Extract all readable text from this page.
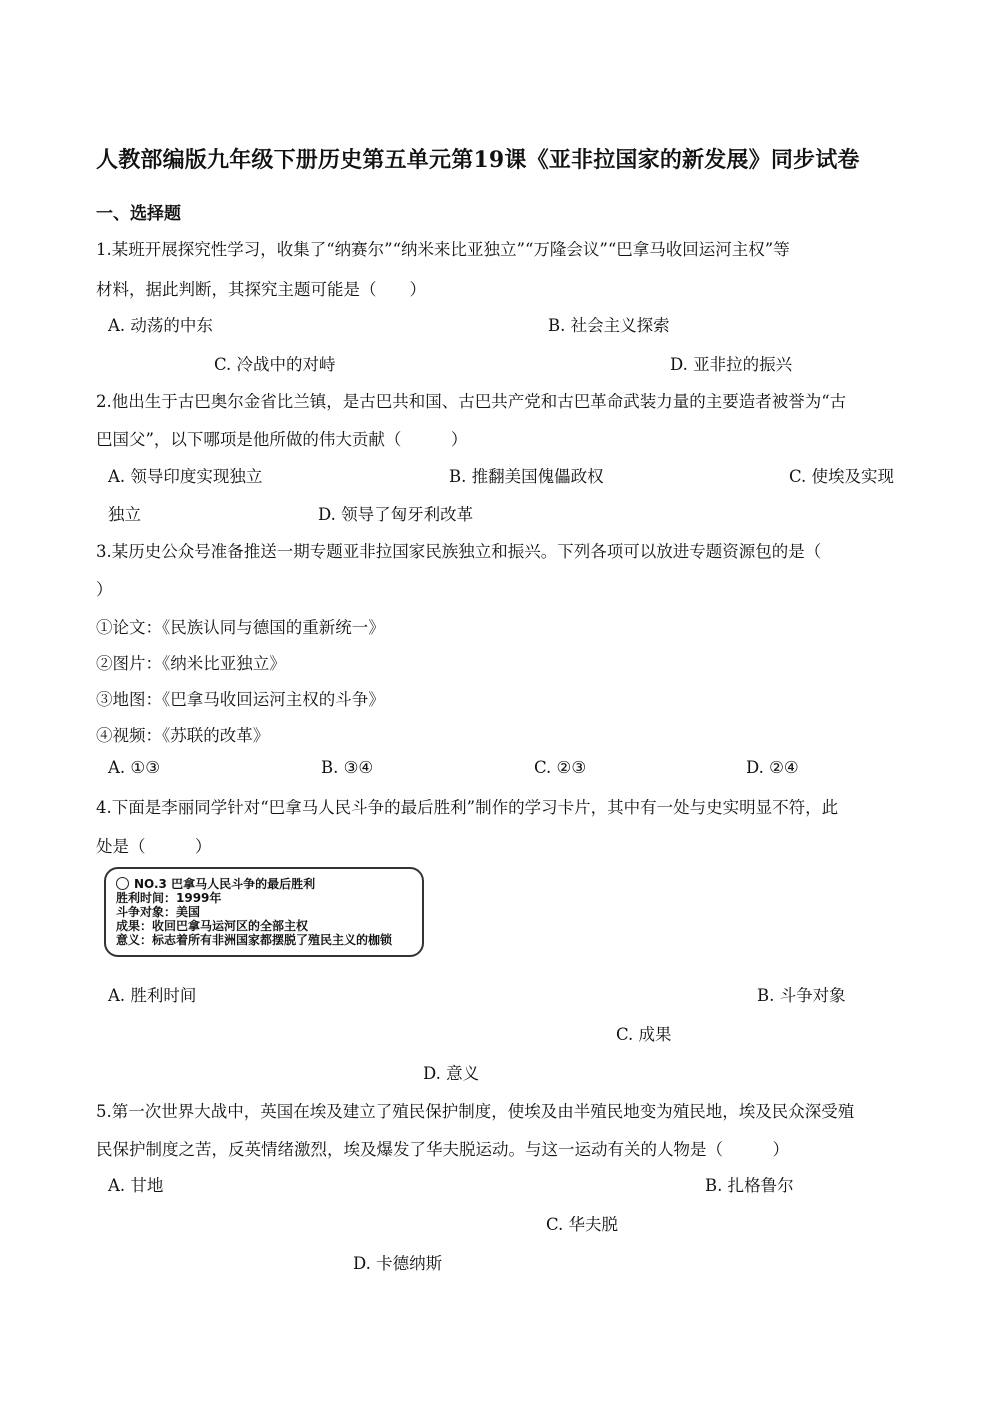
人教部编版九年级下册历史第五单元第19课《亚非拉国家的新发展》同步试卷
一、选择题
1.某班开展探究性学习，收集了“纳赛尔”“纳米来比亚独立”“万隆会议”“巴拿马收回运河主权”等
材料，据此判断，其探究主题可能是（　　）
A. 动荡的中东	B. 社会主义探索
C. 冷战中的对峙	D. 亚非拉的振兴
2.他出生于古巴奥尔金省比兰镇，是古巴共和国、古巴共产党和古巴革命武装力量的主要造者被誉为“古
巴国父”，以下哪项是他所做的伟大贡献（　　　）
A. 领导印度实现独立	B. 推翻美国傀儡政权	C. 使埃及实现
独立	D. 领导了匈牙利改革
3.某历史公众号准备推送一期专题亚非拉国家民族独立和振兴。下列各项可以放进专题资源包的是（
）
①论文：《民族认同与德国的重新统一》
②图片：《纳米比亚独立》
③地图：《巴拿马收回运河主权的斗争》
④视频：《苏联的改革》
A. ①③	B. ③④	C. ②③	D. ②④
4.下面是李丽同学针对“巴拿马人民斗争的最后胜利”制作的学习卡片，其中有一处与史实明显不符，此
处是（　　　）
NO.3 巴拿马人民斗争的最后胜利
胜利时间：1999年
斗争对象：美国
成果：收回巴拿马运河区的全部主权
意义：标志着所有非洲国家都摆脱了殖民主义的枷锁
A. 胜利时间	B. 斗争对象
C. 成果
D. 意义
5.第一次世界大战中，英国在埃及建立了殖民保护制度，使埃及由半殖民地变为殖民地，埃及民众深受殖
民保护制度之苦，反英情绪激烈，埃及爆发了华夫脱运动。与这一运动有关的人物是（　　　）
A. 甘地	B. 扎格鲁尔
C. 华夫脱
D. 卡德纳斯
